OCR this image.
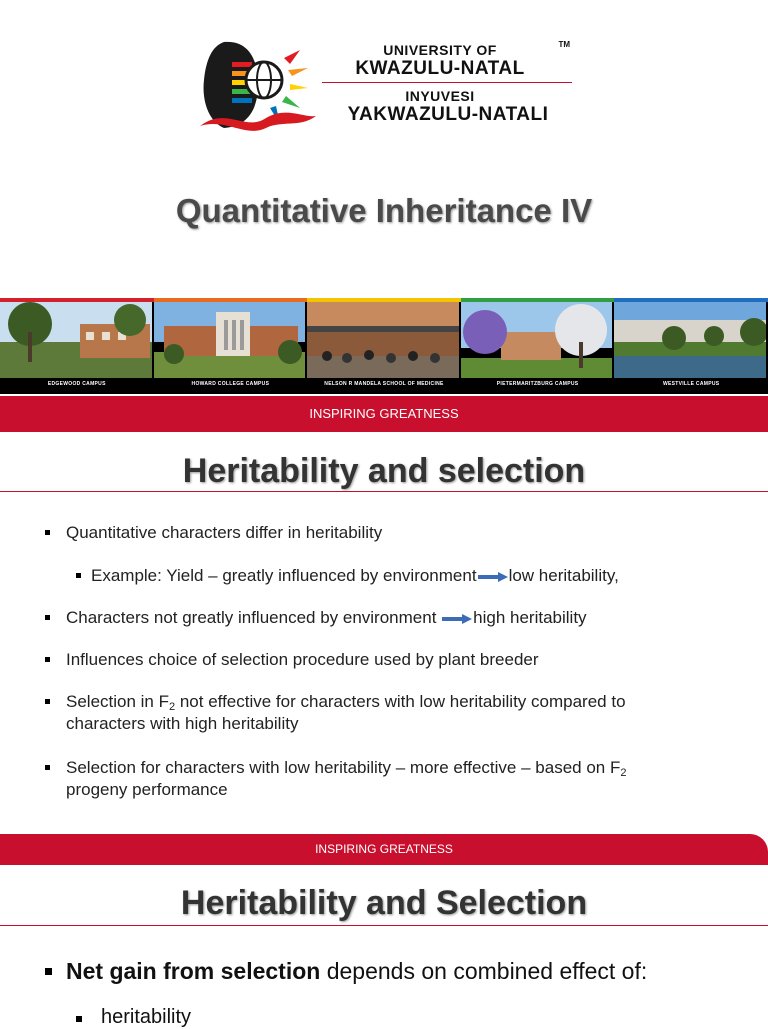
UNIVERSITY OF	TM
KWAZULU-NATAL
INYUVESI
YAKWAZULU-NATALI
Quantitative Inheritance IV
EDGEWOOD CAMPUS	HOWARD COLLEGE CAMPUS	NELSON R MANDELA SCHOOL OF MEDICINE	PIETERMARITZBURG CAMPUS	WESTVILLE CAMPUS
INSPIRING GREATNESS
Heritability and selection
Quantitative characters differ in heritability
Example: Yield – greatly influenced by environment low heritability,
Characters not greatly influenced by environment high heritability
Influences choice of selection procedure used by plant breeder
Selection in $F_2$ not effective for characters with low heritability compared to
characters with high heritability
Selection for characters with low heritability – more effective – based on $F_2$
progeny performance
INSPIRING GREATNESS
Heritability and Selection
Net gain from selection depends on combined effect of:
heritability
